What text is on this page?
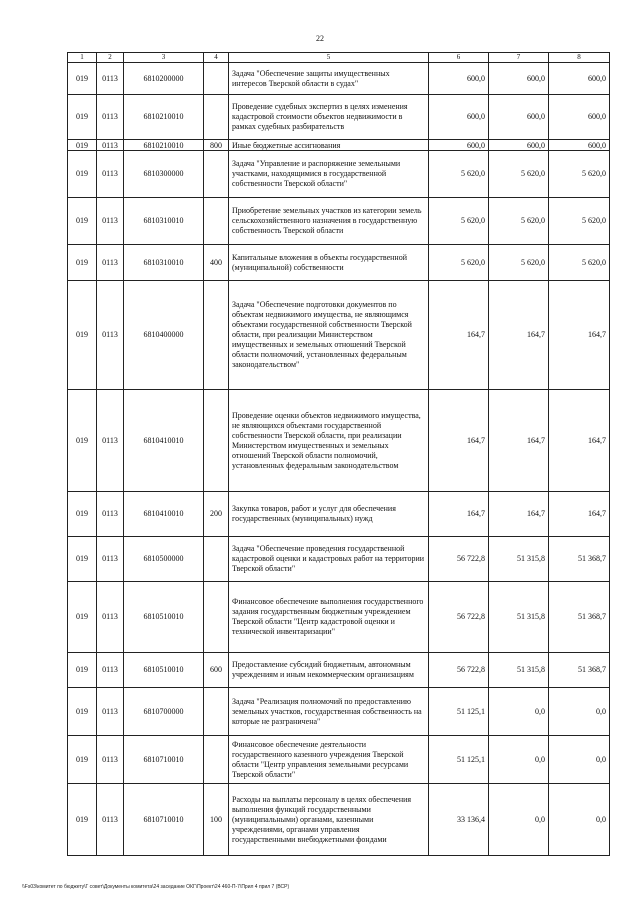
22
1	2	3	4	5	6	7	8
019	0113	6810200000		Задача "Обеспечение защиты имущественных интересов Тверской области в судах"	600,0	600,0	600,0
019	0113	6810210010		Проведение судебных экспертиз в целях изменения кадастровой стоимости объектов недвижимости в рамках судебных разбирательств	600,0	600,0	600,0
019	0113	6810210010	800	Иные бюджетные ассигнования	600,0	600,0	600,0
019	0113	6810300000		Задача "Управление и распоряжение земельными участками, находящимися в государственной собственности Тверской области"	5 620,0	5 620,0	5 620,0
019	0113	6810310010		Приобретение земельных участков из категории земель сельскохозяйственного назначения в государственную собственность Тверской области	5 620,0	5 620,0	5 620,0
019	0113	6810310010	400	Капитальные вложения в объекты государственной (муниципальной) собственности	5 620,0	5 620,0	5 620,0
019	0113	6810400000		Задача "Обеспечение подготовки документов по объектам недвижимого имущества, не являющимся объектами государственной собственности Тверской области, при реализации Министерством имущественных и земельных отношений Тверской области полномочий, установленных федеральным законодательством"	164,7	164,7	164,7
019	0113	6810410010		Проведение оценки объектов недвижимого имущества, не являющихся объектами государственной собственности Тверской области, при реализации Министерством имущественных и земельных отношений Тверской области полномочий, установленных федеральным законодательством	164,7	164,7	164,7
019	0113	6810410010	200	Закупка товаров, работ и услуг для обеспечения государственных (муниципальных) нужд	164,7	164,7	164,7
019	0113	6810500000		Задача "Обеспечение проведения государственной кадастровой оценки и кадастровых работ на территории Тверской области"	56 722,8	51 315,8	51 368,7
019	0113	6810510010		Финансовое обеспечение выполнения государственного задания государственным бюджетным учреждением Тверской области "Центр кадастровой оценки и технической инвентаризации"	56 722,8	51 315,8	51 368,7
019	0113	6810510010	600	Предоставление субсидий бюджетным, автономным учреждениям и иным некоммерческим организациям	56 722,8	51 315,8	51 368,7
019	0113	6810700000		Задача "Реализация полномочий по предоставлению земельных участков, государственная собственность на которые не разграничена"	51 125,1	0,0	0,0
019	0113	6810710010		Финансовое обеспечение деятельности государственного казенного учреждения Тверской области "Центр управления земельными ресурсами Тверской области"	51 125,1	0,0	0,0
019	0113	6810710010	100	Расходы на выплаты персоналу в целях обеспечения выполнения функций государственными (муниципальными) органами, казенными учреждениями, органами управления государственными внебюджетными фондами	33 136,4	0,0	0,0
\\Fs03\комитет по бюджету\Г совет\Документы комитета\24 заседание ОКГ\Проект\24 460-П-7\Прил 4 прил 7 (ВСР)
